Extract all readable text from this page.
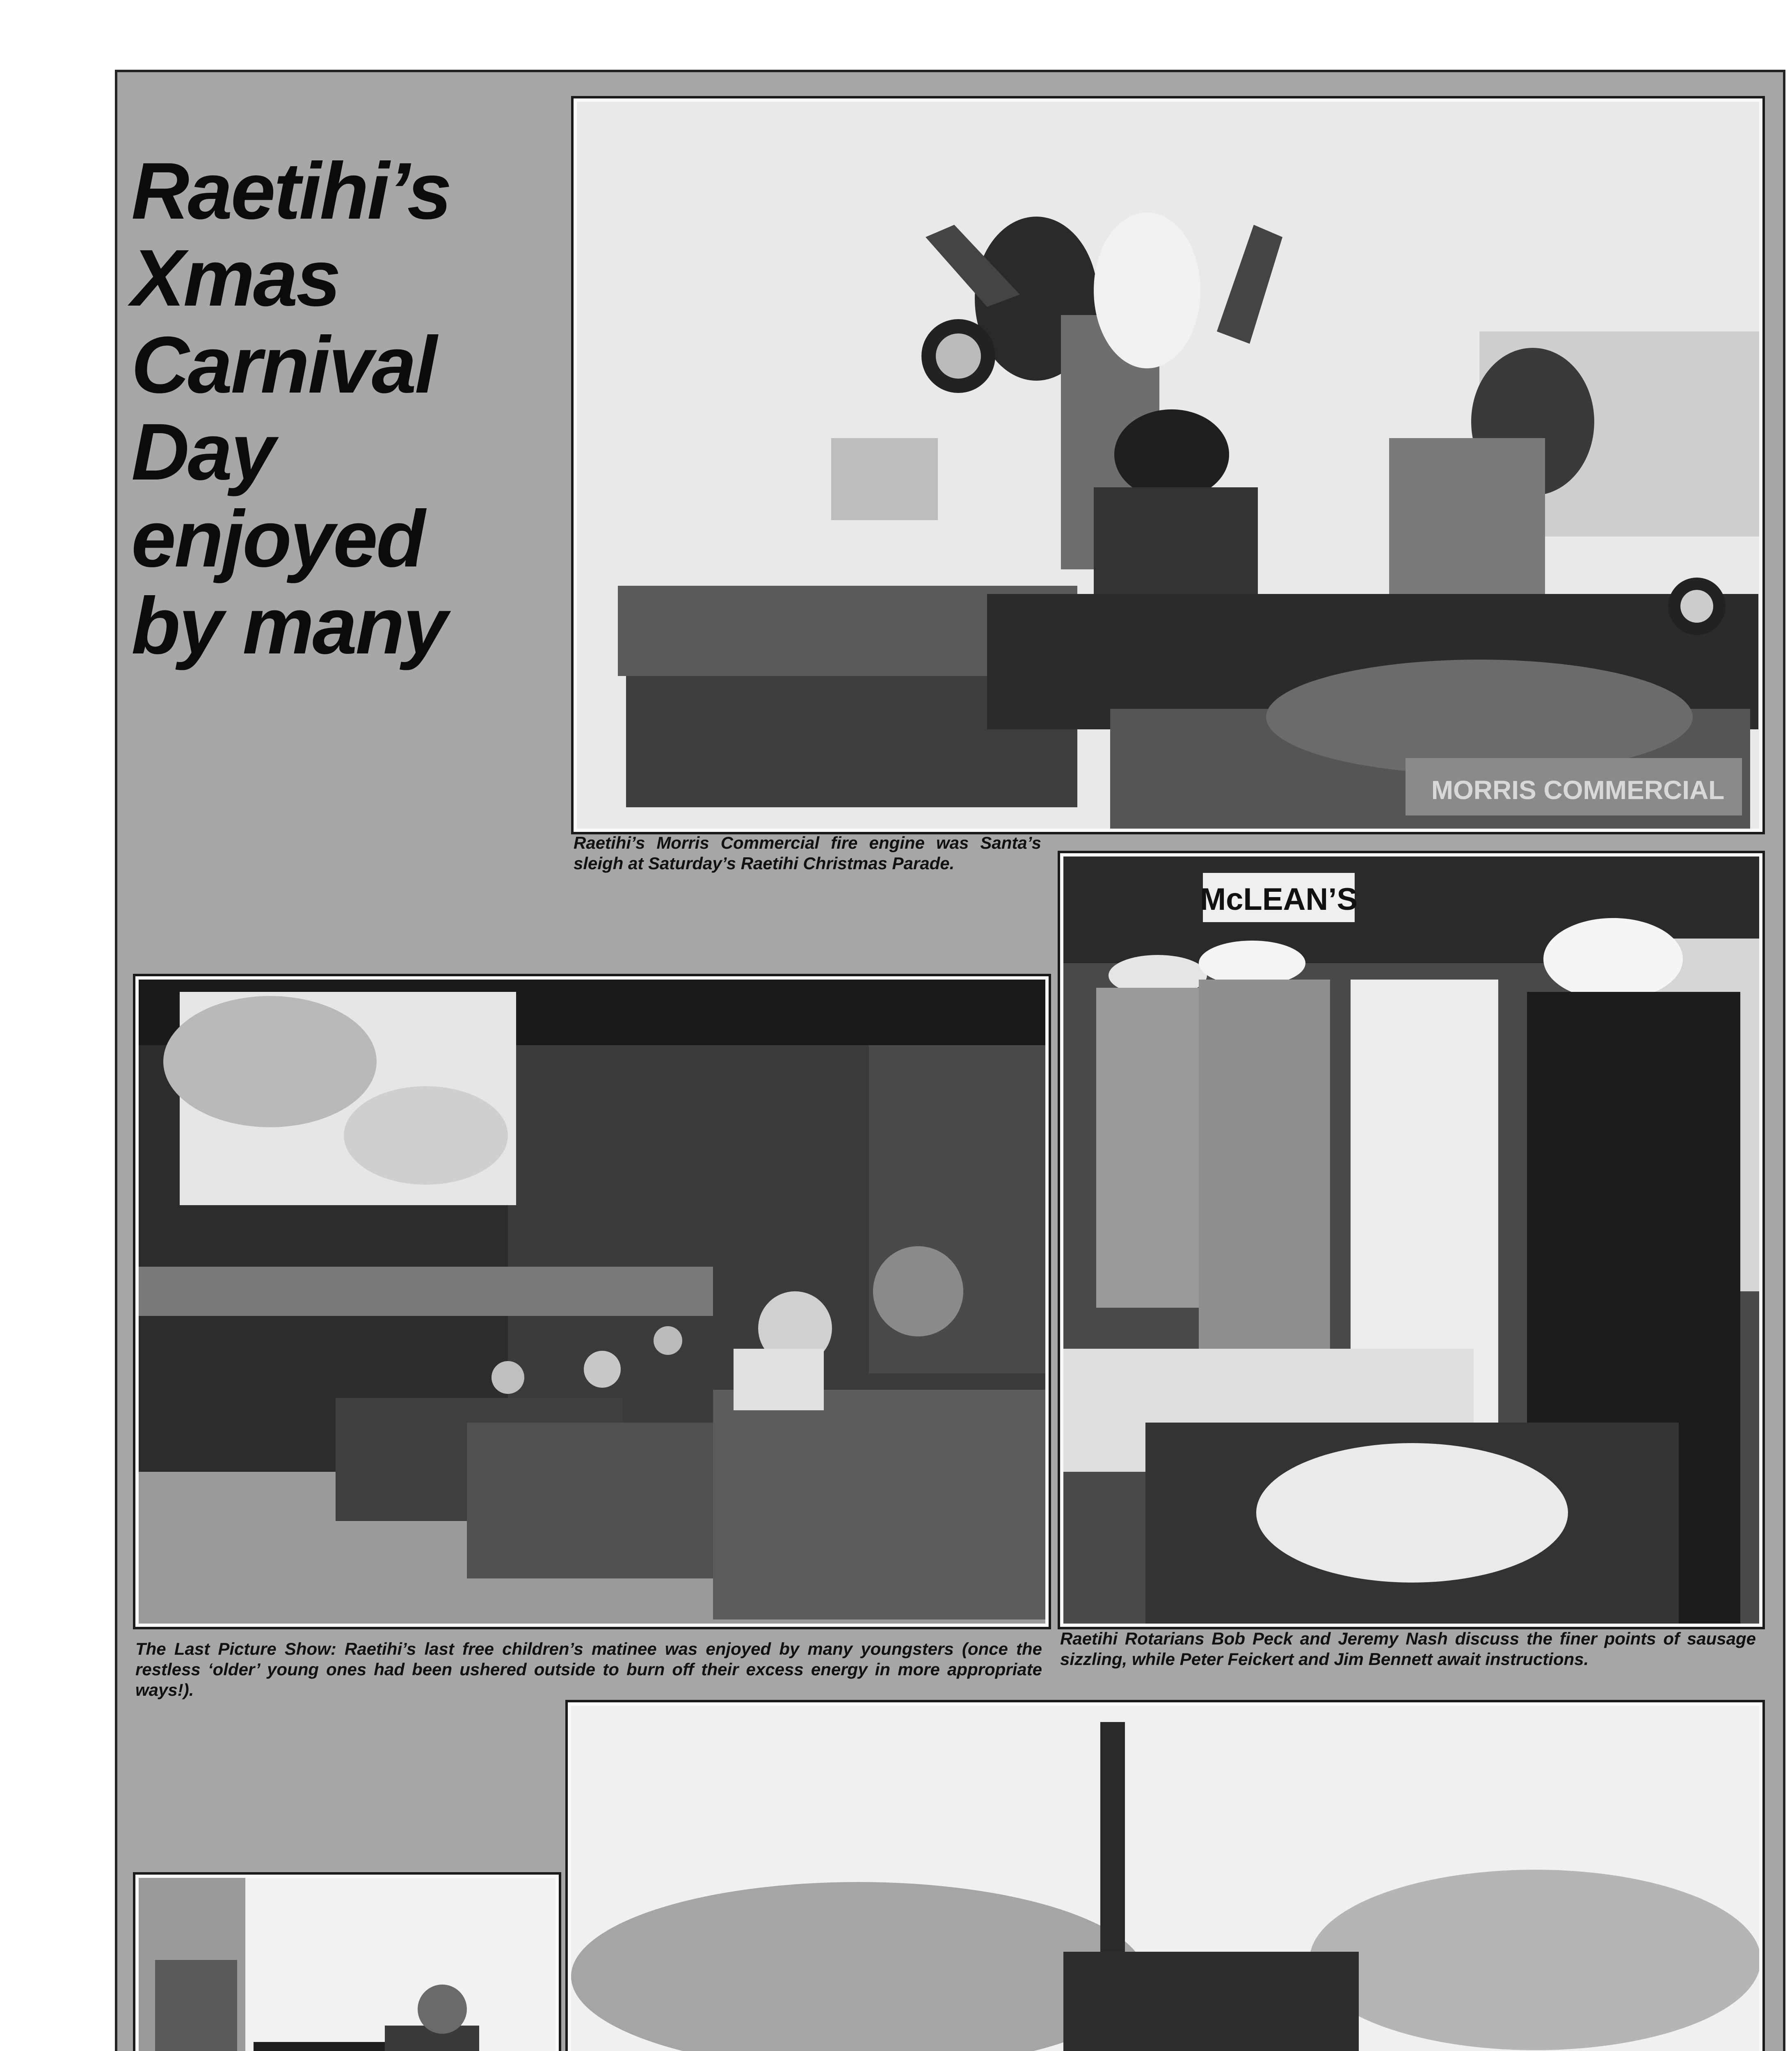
Raetihi’s
Xmas
Carnival
Day
enjoyed
by many
MORRIS COMMERCIAL
Raetihi’s Morris Commercial fire engine was Santa’s sleigh at Saturday’s Raetihi Christmas Parade.
The Last Picture Show: Raetihi’s last free children’s matinee was enjoyed by many youngsters (once the restless ‘older’ young ones had been ushered outside to burn off their excess energy in more appropriate ways!).
McLEAN’S
Raetihi Rotarians Bob Peck and Jeremy Nash discuss the finer points of sausage sizzling, while Peter Feickert and Jim Bennett await instructions.
